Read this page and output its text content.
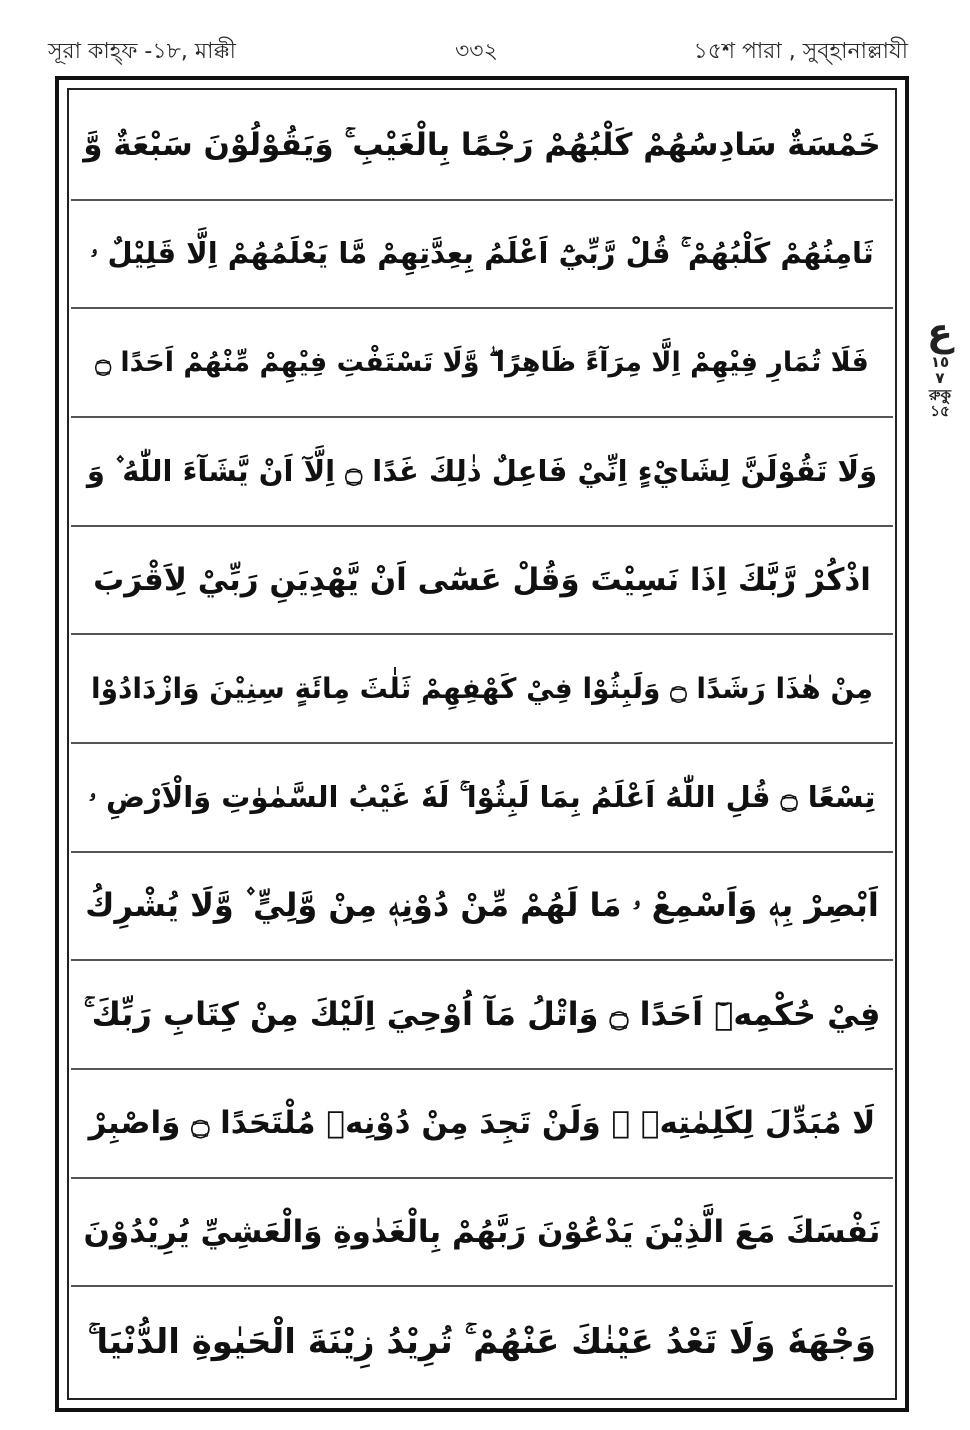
সূরা কাহ্‌ফ -১৮, মাক্কী	৩৩২	১৫শ পারা , সুব্‌হানাল্লাযী
خَمْسَةٌ سَادِسُهُمْ كَلْبُهُمْ رَجْمًا بِالْغَيْبِ ۚ وَيَقُوْلُوْنَ سَبْعَةٌ وَّ
ثَامِنُهُمْ كَلْبُهُمْ ۚ قُلْ رَّبِّيْٓ اَعْلَمُ بِعِدَّتِهِمْ مَّا يَعْلَمُهُمْ اِلَّا قَلِيْلٌ ۥ
فَلَا تُمَارِ فِيْهِمْ اِلَّا مِرَآءً ظَاهِرًا ۖ وَّلَا تَسْتَفْتِ فِيْهِمْ مِّنْهُمْ اَحَدًا ۝
وَلَا تَقُوْلَنَّ لِشَايْءٍ اِنِّيْ فَاعِلٌ ذٰلِكَ غَدًا ۝ اِلَّآ اَنْ يَّشَآءَ اللّٰهُ ۫ وَ
اذْكُرْ رَّبَّكَ اِذَا نَسِيْتَ وَقُلْ عَسٰٓى اَنْ يَّهْدِيَنِ رَبِّيْ لِاَقْرَبَ
مِنْ هٰذَا رَشَدًا ۝ وَلَبِثُوْا فِيْ كَهْفِهِمْ ثَلٰثَ مِائَةٍ سِنِيْنَ وَازْدَادُوْا
تِسْعًا ۝ قُلِ اللّٰهُ اَعْلَمُ بِمَا لَبِثُوْا ۚ لَهٗ غَيْبُ السَّمٰوٰتِ وَالْاَرْضِ ۥ
اَبْصِرْ بِهٖ وَاَسْمِعْ ۥ مَا لَهُمْ مِّنْ دُوْنِهٖ مِنْ وَّلِيٍّ ۫ وَّلَا يُشْرِكُ
فِيْ حُكْمِهٖٓ اَحَدًا ۝ وَاتْلُ مَآ اُوْحِيَ اِلَيْكَ مِنْ كِتَابِ رَبِّكَ ۚ
لَا مُبَدِّلَ لِكَلِمٰتِهٖ ۚ وَلَنْ تَجِدَ مِنْ دُوْنِهٖ مُلْتَحَدًا ۝ وَاصْبِرْ
نَفْسَكَ مَعَ الَّذِيْنَ يَدْعُوْنَ رَبَّهُمْ بِالْغَدٰوةِ وَالْعَشِيِّ يُرِيْدُوْنَ
وَجْهَهٗ وَلَا تَعْدُ عَيْنٰكَ عَنْهُمْ ۚ تُرِيْدُ زِيْنَةَ الْحَيٰوةِ الدُّنْيَا ۚ
ع
١٥
٧
রুকু
১৫
